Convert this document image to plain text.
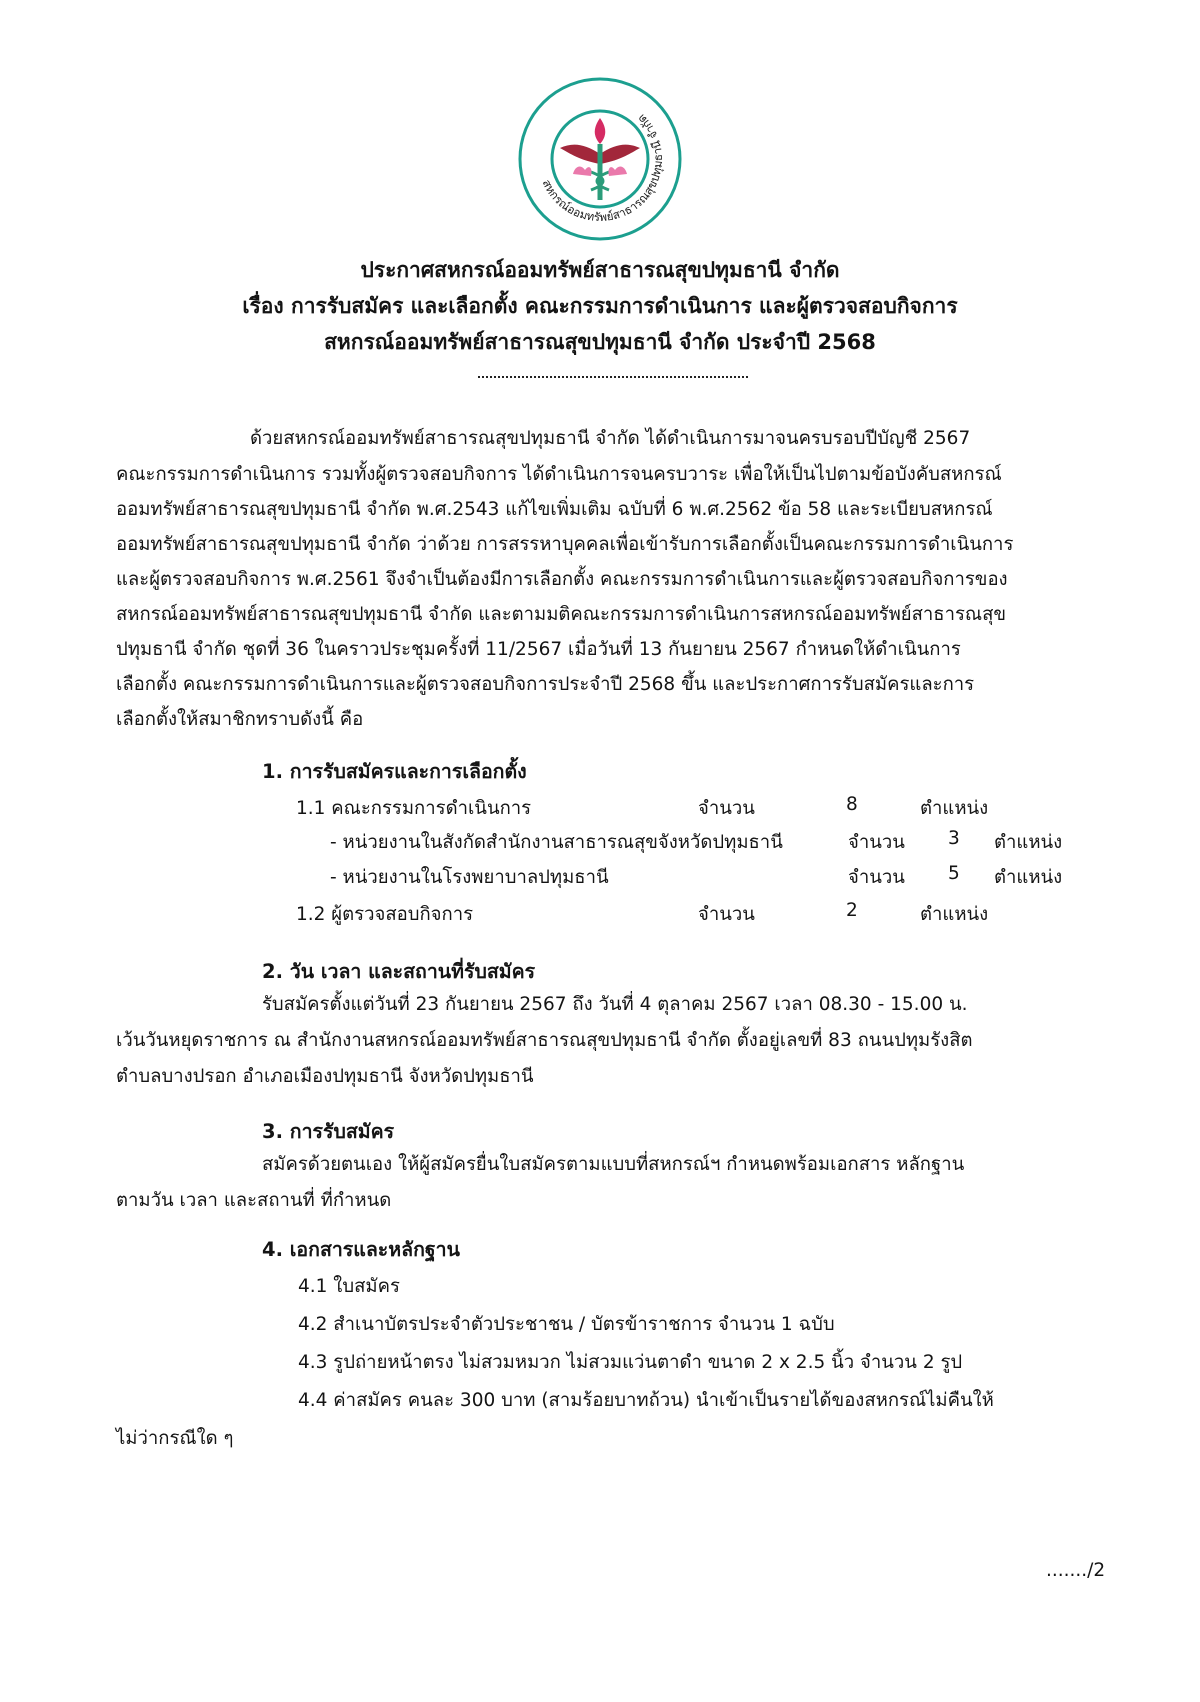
สหกรณ์ออมทรัพย์สาธารณสุขปทุมธานี จำกัด
ประกาศสหกรณ์ออมทรัพย์สาธารณสุขปทุมธานี จำกัด
เรื่อง การรับสมัคร และเลือกตั้ง คณะกรรมการดำเนินการ และผู้ตรวจสอบกิจการ
สหกรณ์ออมทรัพย์สาธารณสุขปทุมธานี จำกัด ประจำปี 2568
ด้วยสหกรณ์ออมทรัพย์สาธารณสุขปทุมธานี จำกัด ได้ดำเนินการมาจนครบรอบปีบัญชี 2567
คณะกรรมการดำเนินการ รวมทั้งผู้ตรวจสอบกิจการ ได้ดำเนินการจนครบวาระ เพื่อให้เป็นไปตามข้อบังคับสหกรณ์
ออมทรัพย์สาธารณสุขปทุมธานี จำกัด พ.ศ.2543 แก้ไขเพิ่มเติม ฉบับที่ 6 พ.ศ.2562 ข้อ 58 และระเบียบสหกรณ์
ออมทรัพย์สาธารณสุขปทุมธานี จำกัด ว่าด้วย การสรรหาบุคคลเพื่อเข้ารับการเลือกตั้งเป็นคณะกรรมการดำเนินการ
และผู้ตรวจสอบกิจการ พ.ศ.2561 จึงจำเป็นต้องมีการเลือกตั้ง คณะกรรมการดำเนินการและผู้ตรวจสอบกิจการของ
สหกรณ์ออมทรัพย์สาธารณสุขปทุมธานี จำกัด และตามมติคณะกรรมการดำเนินการสหกรณ์ออมทรัพย์สาธารณสุข
ปทุมธานี จำกัด ชุดที่ 36 ในคราวประชุมครั้งที่ 11/2567 เมื่อวันที่ 13 กันยายน 2567 กำหนดให้ดำเนินการ
เลือกตั้ง คณะกรรมการดำเนินการและผู้ตรวจสอบกิจการประจำปี 2568 ขึ้น และประกาศการรับสมัครและการ
เลือกตั้งให้สมาชิกทราบดังนี้ คือ
1. การรับสมัครและการเลือกตั้ง
1.1 คณะกรรมการดำเนินการ	จำนวน	8	ตำแหน่ง
- หน่วยงานในสังกัดสำนักงานสาธารณสุขจังหวัดปทุมธานี	จำนวน 3 ตำแหน่ง
- หน่วยงานในโรงพยาบาลปทุมธานี	จำนวน 5 ตำแหน่ง
1.2 ผู้ตรวจสอบกิจการ	จำนวน	2	ตำแหน่ง
2. วัน เวลา และสถานที่รับสมัคร
รับสมัครตั้งแต่วันที่ 23 กันยายน 2567 ถึง วันที่ 4 ตุลาคม 2567 เวลา 08.30 - 15.00 น.
เว้นวันหยุดราชการ ณ สำนักงานสหกรณ์ออมทรัพย์สาธารณสุขปทุมธานี จำกัด ตั้งอยู่เลขที่ 83 ถนนปทุมรังสิต
ตำบลบางปรอก อำเภอเมืองปทุมธานี จังหวัดปทุมธานี
3. การรับสมัคร
สมัครด้วยตนเอง ให้ผู้สมัครยื่นใบสมัครตามแบบที่สหกรณ์ฯ กำหนดพร้อมเอกสาร หลักฐาน
ตามวัน เวลา และสถานที่ ที่กำหนด
4. เอกสารและหลักฐาน
4.1 ใบสมัคร
4.2 สำเนาบัตรประจำตัวประชาชน / บัตรข้าราชการ จำนวน 1 ฉบับ
4.3 รูปถ่ายหน้าตรง ไม่สวมหมวก ไม่สวมแว่นตาดำ ขนาด 2 x 2.5 นิ้ว จำนวน 2 รูป
4.4 ค่าสมัคร คนละ 300 บาท (สามร้อยบาทถ้วน) นำเข้าเป็นรายได้ของสหกรณ์ไม่คืนให้
ไม่ว่ากรณีใด ๆ
......./2
